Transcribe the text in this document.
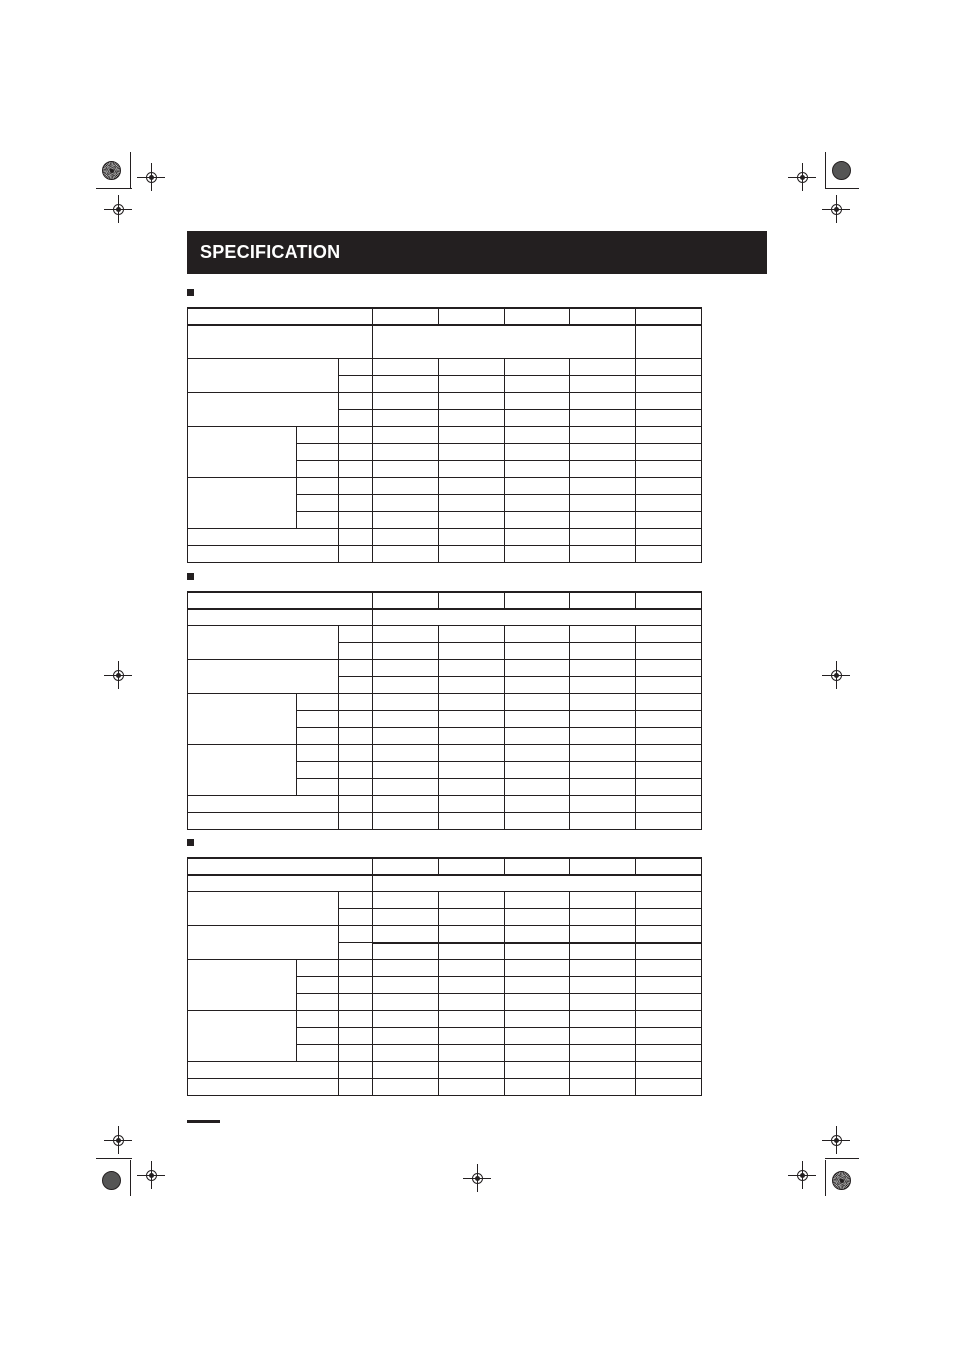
SPECIFICATION
